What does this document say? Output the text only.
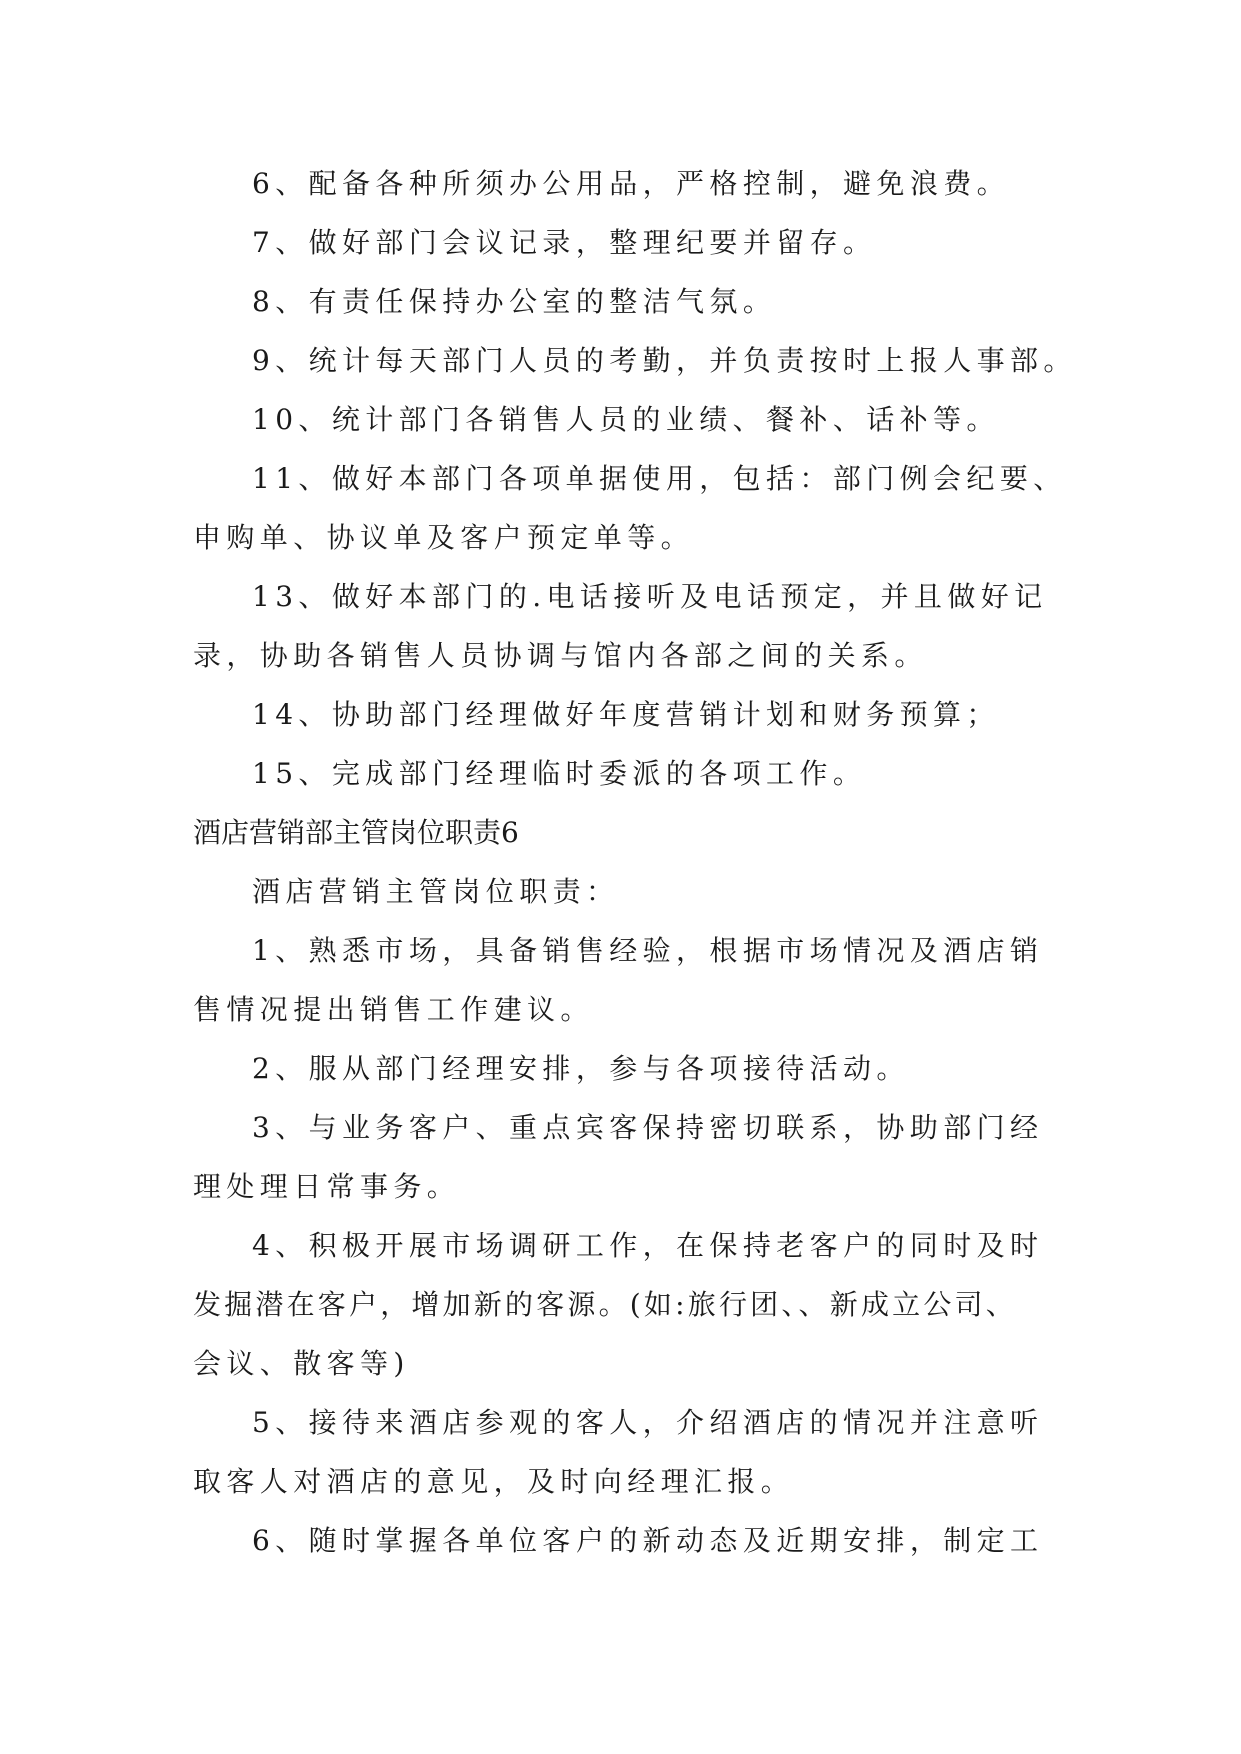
6、配备各种所须办公用品，严格控制，避免浪费。
7、做好部门会议记录，整理纪要并留存。
8、有责任保持办公室的整洁气氛。
9、统计每天部门人员的考勤，并负责按时上报人事部。
10、统计部门各销售人员的业绩、餐补、话补等。
11、做好本部门各项单据使用，包括：部门例会纪要、
申购单、协议单及客户预定单等。
13、做好本部门的.电话接听及电话预定，并且做好记
录，协助各销售人员协调与馆内各部之间的关系。
14、协助部门经理做好年度营销计划和财务预算；
15、完成部门经理临时委派的各项工作。
酒店营销部主管岗位职责6
酒店营销主管岗位职责：
1、熟悉市场，具备销售经验，根据市场情况及酒店销
售情况提出销售工作建议。
2、服从部门经理安排，参与各项接待活动。
3、与业务客户、重点宾客保持密切联系，协助部门经
理处理日常事务。
4、积极开展市场调研工作，在保持老客户的同时及时
发掘潜在客户，增加新的客源。(如:旅行团、、新成立公司、
会议、散客等)
5、接待来酒店参观的客人，介绍酒店的情况并注意听
取客人对酒店的意见，及时向经理汇报。
6、随时掌握各单位客户的新动态及近期安排，制定工
